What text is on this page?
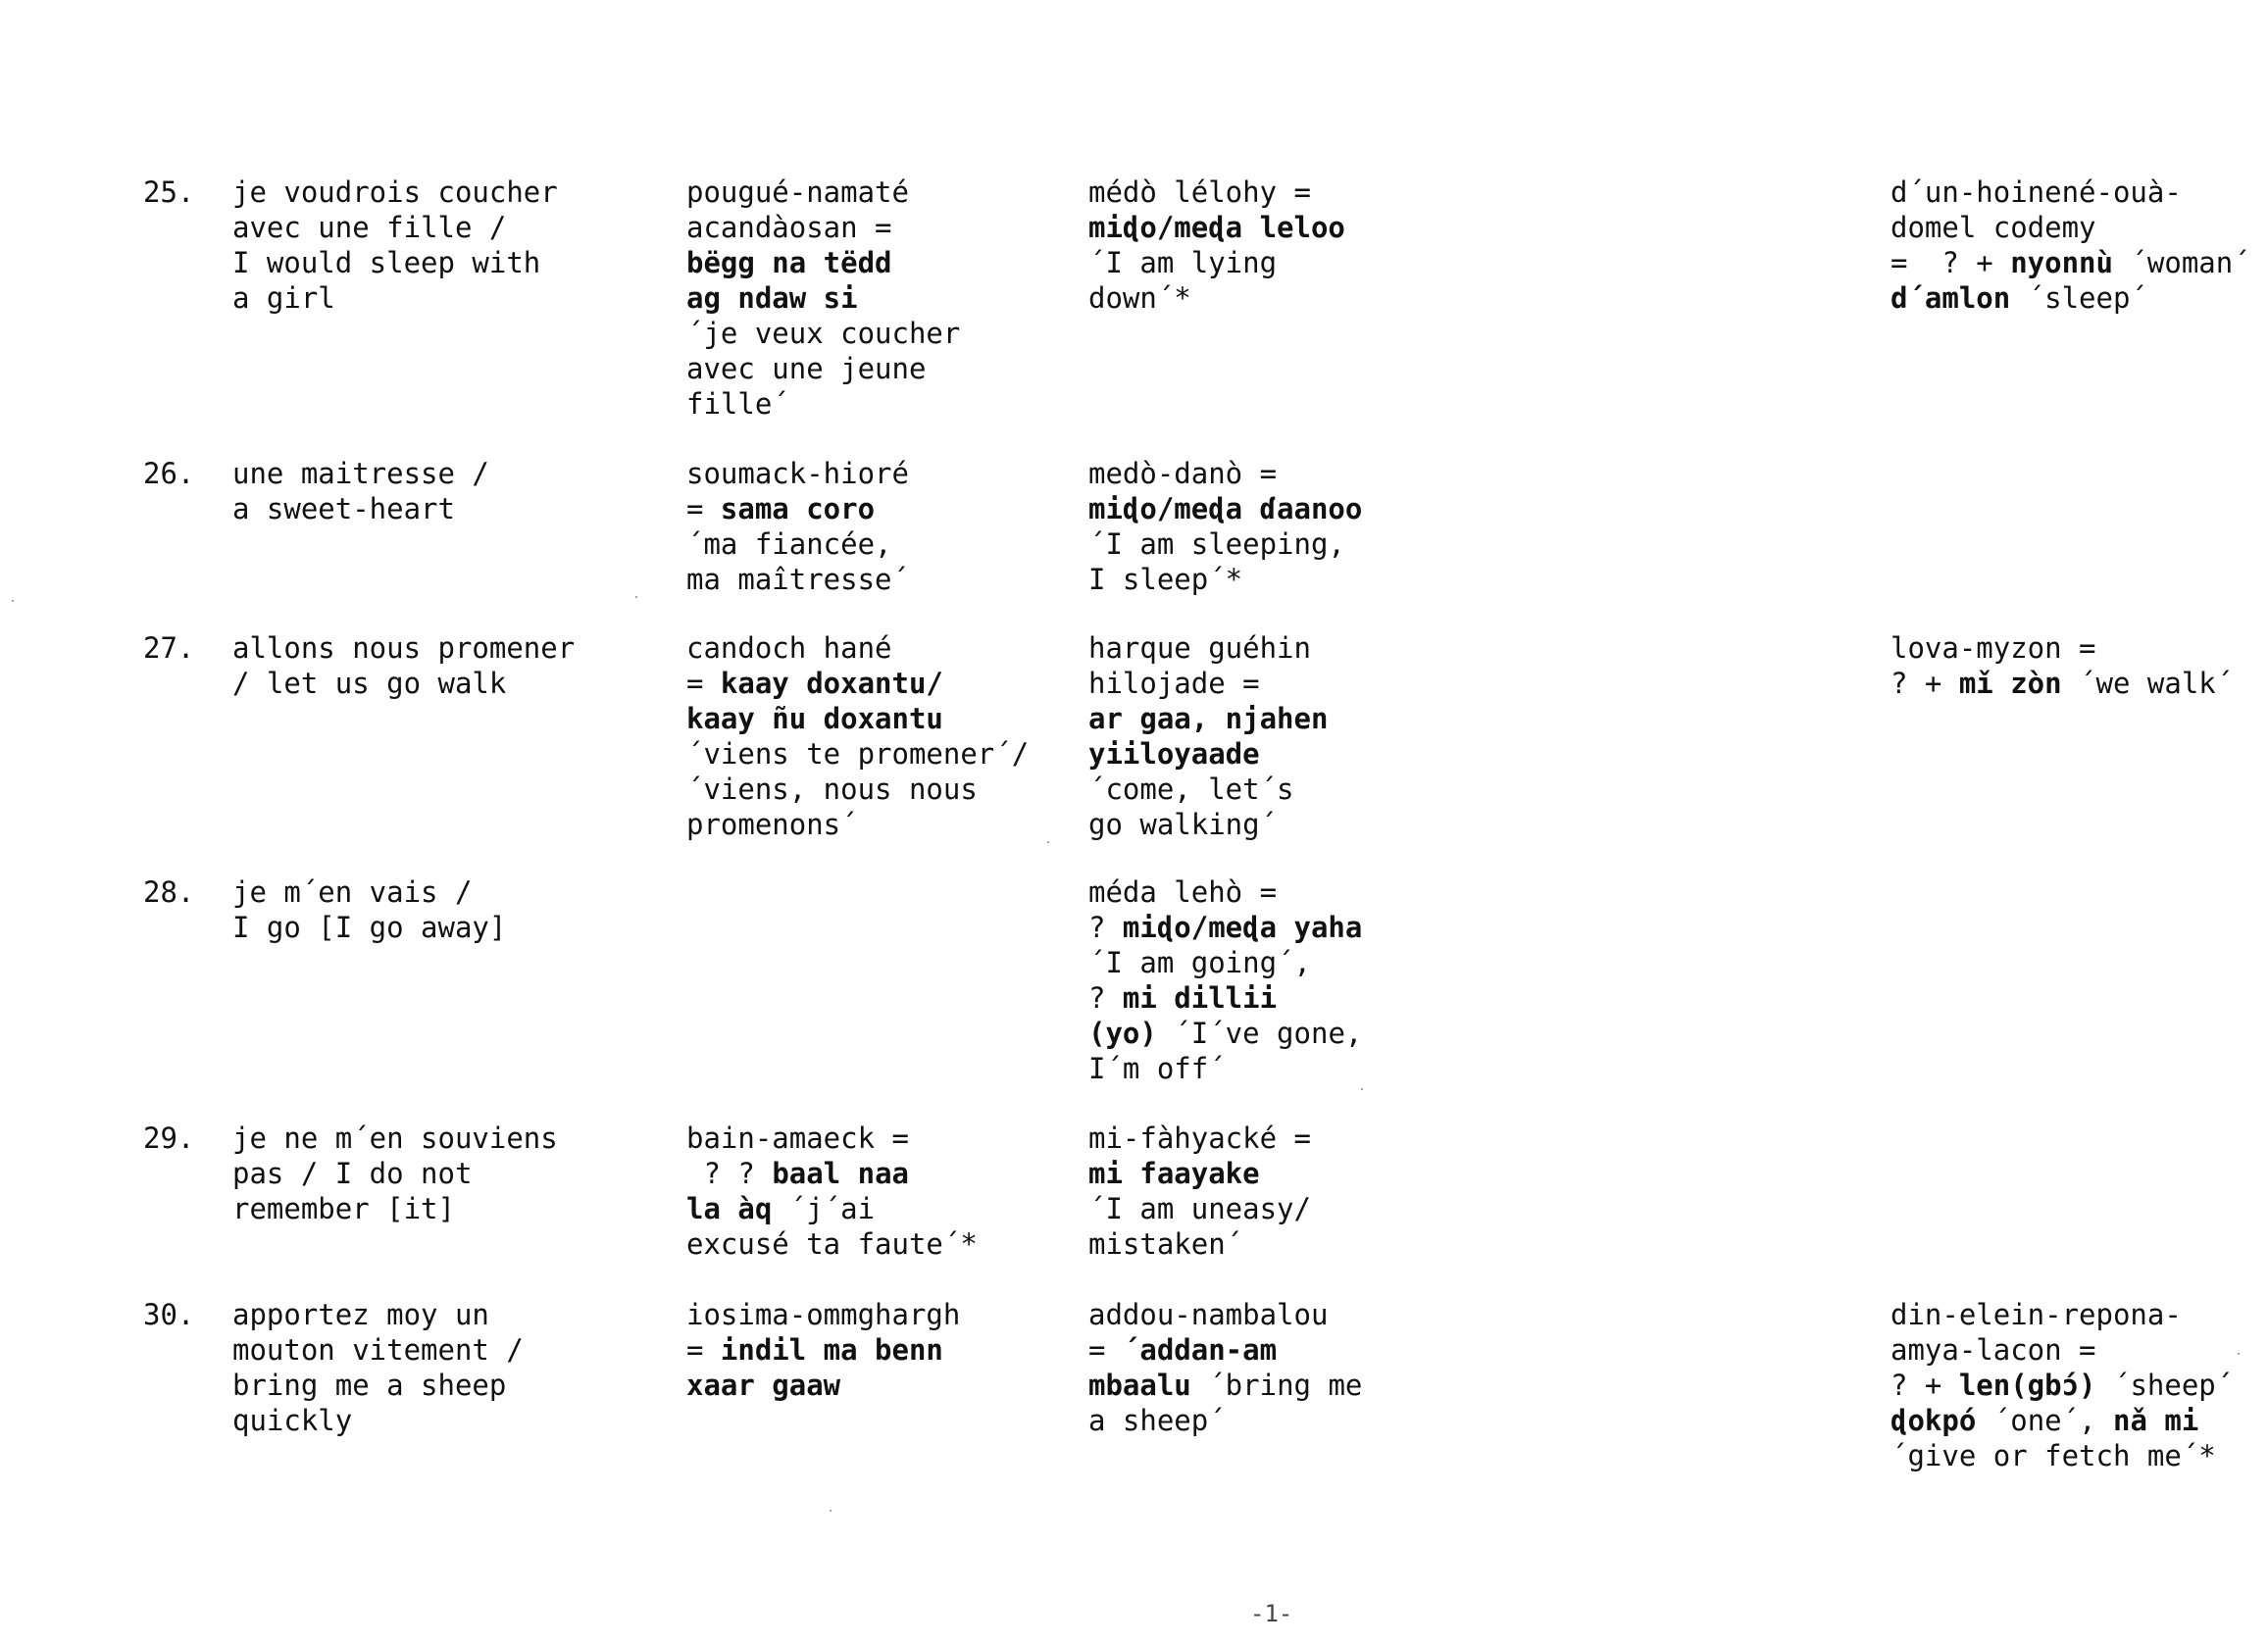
25. je voudrois coucher
avec une fille /
I would sleep with
a girl
pougué-namaté
acandàosan =
bëgg na tëdd
ag ndaw si
´je veux coucher
avec une jeune
fille´
médò lélohy =
miɖo/meɖa leloo
´I am lying
down´*
d´un-hoinené-ouà-
domel codemy
=  ? + nyonnù ´woman´
d´amlon ´sleep´
26. une maitresse /
a sweet-heart
soumack-hioré
= sama coro
´ma fiancée,
ma maîtresse´
medò-danò =
miɖo/meɖa ɗaanoo
´I am sleeping,
I sleep´*
27. allons nous promener
/ let us go walk
candoch hané
= kaay doxantu/
kaay ñu doxantu
´viens te promener´/
´viens, nous nous
promenons´
harque guéhin
hilojade =
ar gaa, njahen
yiiloyaade
´come, let´s
go walking´
lova-myzon =
? + mǐ zòn ´we walk´
28. je m´en vais /
I go [I go away]
méda lehò =
? miɖo/meɖa yaha
´I am going´,
? mi dillii
(yo) ´I´ve gone,
I´m off´
29. je ne m´en souviens
pas / I do not
remember [it]
bain-amaeck =
? ? baal naa
la àq ´j´ai
excusé ta faute´*
mi-fàhyacké =
mi faayake
´I am uneasy/
mistaken´
30. apportez moy un
mouton vitement /
bring me a sheep
quickly
iosima-ommghargh
= indil ma benn
xaar gaaw
addou-nambalou
= ´addan-am
mbaalu ´bring me
a sheep´
din-elein-repona-
amya-lacon =
? + len(gbɔ́) ´sheep´
ɖokpó ´one´, nǎ mi
´give or fetch me´*
-1-
